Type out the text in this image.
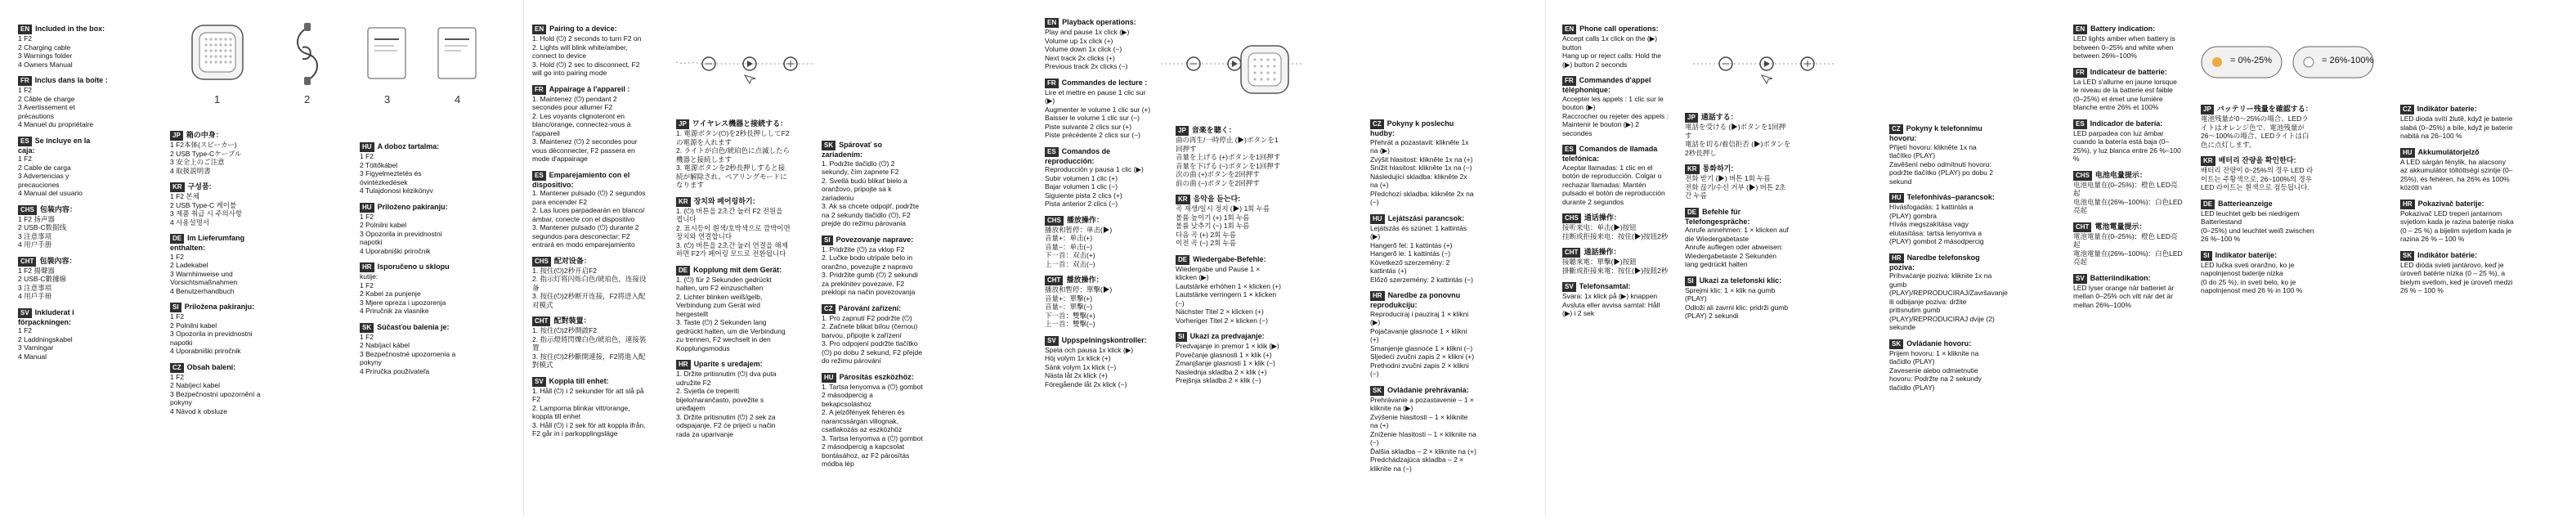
EN Included in the box:
1 F2
2 Charging cable
3 Warnings folder
4 Owners Manual
FR Inclus dans la boîte :
1 F2
2 Câble de charge
3 Avertissement et précautions
4 Manuel du propriétaire
ES Se incluye en la caja:
1 F2
2 Cable de carga
3 Advertencias y precauciones
4 Manual del usuario
CHS 包装内容：
1 F2 扬声器
2 USB-C数据线
3 注意事项
4 用户手册
CHT 包裝內容：
1 F2 揚聲器
2 USB-C數據線
3 注意事項
4 用戶手冊
SV Inkluderat i förpackningen:
1 F2
2 Laddningskabel
3 Varningar
4 Manual
1	2	3	4
JP 箱の中身：
1 F2本体(スピーカー)
2 USB Type-Cケーブル
3 安全上のご注意
4 取扱説明書
KR 구성품:
1 F2 본체
2 USB Type-C 케이블
3 제품 취급 시 주의사항
4 사용설명서
DE Im Lieferumfang enthalten:
1 F2
2 Ladekabel
3 Warnhinweise und Vorsichtsmaßnahmen
4 Benutzerhandbuch
SI Priložena pakiranju:
1 F2
2 Polnilni kabel
3 Opozorila in previdnostni napotki
4 Uporabniški priročnik
CZ Obsah balení:
1 F2
2 Nabíjecí kabel
3 Bezpečnostní upozornění a pokyny
4 Návod k obsluze
HU A doboz tartalma:
1 F2
2 Töltőkábel
3 Figyelmeztetés és óvintézkedések
4 Tulajdonosi kézikönyv
HU Priloženo pakiranju:
1 F2
2 Polnilni kabel
3 Opozorila in previdnostni napotki
4 Uporabniški priročnik
HR Isporučeno u sklopu
kutije:
1 F2
2 Kabel za punjenje
3 Mjere opreza i upozorenja
4 Priručnik za vlasnike
SK Súčasťou balenia je:
1 F2
2 Nabíjací kábel
3 Bezpečnostné upozornenia a pokyny
4 Príručka používateľa
EN Pairing to a device:
1. Hold (⏻) 2 seconds to turn F2 on
2. Lights will blink white/amber, connect to device
3. Hold (⏻) 2 sec to disconnect, F2 will go into pairing mode
FR Appairage à l'appareil :
1. Maintenez (⏻) pendant 2 secondes pour allumer F2
2. Les voyants clignoteront en blanc/orange, connectez-vous à l'appareil
3. Maintenez (⏻) 2 secondes pour vous déconnecter, F2 passera en mode d'appairage
ES Emparejamiento con el dispositivo:
1. Mantener pulsado (⏻) 2 segundos para encender F2
2. Las luces parpadearán en blanco/ámbar, conecte con el dispositivo
3. Mantener pulsado (⏻) durante 2 segundos para desconectar; F2 entrará en modo emparejamiento
CHS 配对设备：
1. 按住(⏻)2秒开启F2
2. 指示灯将闪烁白色/琥珀色，连接设备
3. 按住(⏻)2秒断开连接，F2将进入配对模式
CHT 配對裝置：
1. 按住(⏻)2秒開啟F2
2. 指示燈將閃爍白色/琥珀色，連接裝置
3. 按住(⏻)2秒斷開連接，F2將進入配對模式
SV Koppla till enhet:
1. Håll (⏻) i 2 sekunder för att slå på F2
2. Lamporna blinkar vitt/orange, koppla till enhet
3. Håll (⏻) i 2 sek för att koppla ifrån, F2 går in i parkopplingsläge
JP ワイヤレス機器と接続する：
1. 電源ボタン(⏻)を2秒長押ししてF2の電源を入れます
2. ライトが白色/琥珀色に点滅したら機器と接続します
3. 電源ボタンを2秒長押しすると接続が解除され、ペアリングモードになります
KR 장치와 페어링하기:
1. (⏻) 버튼을 2초간 눌러 F2 전원을 켭니다
2. 표시등이 흰색/호박색으로 깜박이면 장치와 연결합니다
3. (⏻) 버튼을 2초간 눌러 연결을 해제하면 F2가 페어링 모드로 전환됩니다
DE Kopplung mit dem Gerät:
1. (⏻) für 2 Sekunden gedrückt halten, um F2 einzuschalten
2. Lichter blinken weiß/gelb, Verbindung zum Gerät wird hergestellt
3. Taste (⏻) 2 Sekunden lang gedrückt halten, um die Verbindung zu trennen, F2 wechselt in den Kopplungsmodus
HR Uparite s uređajem:
1. Držite pritisnutim (⏻) dva puta udružite F2
2. Svjetla će treperiti bijelo/narančasto, povežite s uređajem
3. Držite pritisnutim (⏻) 2 sek za odspajanje, F2 će prijeći u način rada za uparivanje
EN Playback operations:
Play and pause 1x click (▶)
Volume up 1x click (+)
Volume down 1x click (−)
Next track 2x clicks (+)
Previous track 2x clicks (−)
FR Commandes de lecture :
Lire et mettre en pause 1 clic sur (▶)
Augmenter le volume 1 clic sur (+)
Baisser le volume 1 clic sur (−)
Piste suivante 2 clics sur (+)
Piste précédente 2 clics sur (−)
ES Comandos de reproducción:
Reproducción y pausa 1 clic (▶)
Subir volumen 1 clic (+)
Bajar volumen 1 clic (−)
Siguiente pista 2 clics (+)
Pista anterior 2 clics (−)
CHS 播放操作：
播放和暂停：单击(▶)
音量+：单击(+)
音量−：单击(−)
下一首：双击(+)
上一首：双击(−)
CHT 播放操作：
播放和暫停：單擊(▶)
音量+：單擊(+)
音量−：單擊(−)
下一首：雙擊(+)
上一首：雙擊(−)
SV Uppspelningskontroller:
Spela och pausa 1x klick (▶)
Höj volym 1x klick (+)
Sänk volym 1x klick (−)
Nästa låt 2x klick (+)
Föregående låt 2x klick (−)
SK Spárovať so zariadením:
1. Podržte tlačidlo (⏻) 2 sekundy, čím zapnete F2
2. Svetlá budú blikať bielo a oranžovo, pripojte sa k zariadeniu
3. Ak sa chcete odpojiť, podržte na 2 sekundy tlačidlo (⏻), F2 prejde do režimu párovania
SI Povezovanje naprave:
1. Pridržite (⏻) za vklop F2
2. Lučke bodo utripale belo in oranžno, povezujte z napravo
3. Pridržite gumb (⏻) 2 sekundi za prekinitev povezave, F2 preklopi na način povezovanja
CZ Párování zařízení:
1. Pro zapnutí F2 podržte (⏻)
2. Začnete blikat bílou (černou) barvou, připojte k zařízení
3. Pro odpojení podržte tlačítko (⏻) po dobu 2 sekund, F2 přejde do režimu párování
HU Párosítás eszközhöz:
1. Tartsa lenyomva a (⏻) gombot 2 másodpercig a bekapcsoláshoz
2. A jelzőfények fehéren és narancssárgán villognak, csatlakozás az eszközhöz
3. Tartsa lenyomva a (⏻) gombot 2 másodpercig a kapcsolat bontásához, az F2 párosítás módba lép
JP 音楽を聴く：
曲の再生/一時停止 (▶)ボタンを1回押す
音量を上げる (+)ボタンを1回押す
音量を下げる (−)ボタンを1回押す
次の曲 (+)ボタンを2回押す
前の曲 (−)ボタンを2回押す
KR 음악을 듣는다:
곡 재생/일시 정지 (▶) 1회 누름
볼륨 높이기 (+) 1회 누름
볼륨 낮추기 (−) 1회 누름
다음 곡 (+) 2회 누름
이전 곡 (−) 2회 누름
DE Wiedergabe-Befehle:
Wiedergabe und Pause 1 × klicken (▶)
Lautstärke erhöhen 1 × klicken (+)
Lautstärke verringern 1 × klicken (−)
Nächster Titel 2 × klicken (+)
Vorheriger Titel 2 × klicken (−)
SI Ukazi za predvajanje:
Predvajanje in premor 1 × klik (▶)
Povečanje glasnosti 1 × klik (+)
Zmanjšanje glasnosti 1 × klik (−)
Naslednja skladba 2 × klik (+)
Prejšnja skladba 2 × klik (−)
CZ Pokyny k poslechu hudby:
Přehrát a pozastavit: klikněte 1x na (▶)
Zvýšit hlasitost: klikněte 1x na (+)
Snížit hlasitost: klikněte 1x na (−)
Následující skladba: klikněte 2x na (+)
Předchozí skladba: klikněte 2x na (−)
HU Lejátszási parancsok:
Lejátszás és szünet: 1 kattintás (▶)
Hangerő fel: 1 kattintás (+)
Hangerő le: 1 kattintás (−)
Következő szerzemény: 2 kattintás (+)
Előző szerzemény: 2 kattintás (−)
HR Naredbe za ponovnu reprodukciju:
Reproduciraj i pauziraj 1 × klikni (▶)
Pojačavanje glasnoće 1 × klikni (+)
Smanjenje glasnoće 1 × klikni (−)
Sljedeći zvučni zapis 2 × klikni (+)
Prethodni zvučni zapis 2 × klikni (−)
SK Ovládanie prehrávania:
Prehrávanie a pozastavenie – 1 × kliknite na (▶)
Zvýšenie hlasitosti – 1 × kliknite na (+)
Zníženie hlasitosti – 1 × kliknite na (−)
Ďalšia skladba – 2 × kliknite na (+)
Predchádzajúca skladba – 2 × kliknite na (−)
EN Phone call operations:
Accept calls 1x click on the (▶) button
Hang up or reject calls: Hold the (▶) button 2 seconds
FR Commandes d'appel téléphonique:
Accepter les appels : 1 clic sur le bouton (▶)
Raccrocher ou rejeter des appels : Maintenir le bouton (▶) 2 secondes
ES Comandos de llamada telefónica:
Aceptar llamadas: 1 clic en el botón de reproducción. Colgar o rechazar llamadas: Mantén pulsado el botón de reproducción durante 2 segundos
CHS 通话操作：
接听来电：单击(▶)按钮
挂断或拒接来电：按住(▶)按钮2秒
CHT 通話操作：
接聽來電：單擊(▶)按鈕
掛斷或拒接來電：按住(▶)按鈕2秒
SV Telefonsamtal:
Svara: 1x klick på (▶) knappen
Avsluta eller avvisa samtal: Håll (▶) i 2 sek
JP 通話する：
電話を受ける (▶)ボタンを1回押す
電話を切る/着信拒否 (▶)ボタンを2秒長押し
KR 통화하기:
전화 받기 (▶) 버튼 1회 누름
전화 끊기/수신 거부 (▶) 버튼 2초간 누름
DE Befehle für Telefongespräche:
Anrufe annehmen: 1 × klicken auf die Wiedergabetaste
Anrufe auflegen oder abweisen: Wiedergabetaste 2 Sekunden lang gedrückt halten
SI Ukazi za telefonski klic:
Sprejmi klic: 1 × klik na gumb (PLAY)
Odloži ali zavrni klic: pridrži gumb (PLAY) 2 sekundi
CZ Pokyny k telefonnímu hovoru:
Přijetí hovoru: klikněte 1x na tlačítko (PLAY)
Zavěšení nebo odmítnutí hovoru: podržte tlačítko (PLAY) po dobu 2 sekund
HU Telefonhívás–parancsok:
Hívásfogadás: 1 kattintás a (PLAY) gombra
Hívás megszakítása vagy elutasítása: tartsa lenyomva a (PLAY) gombot 2 másodpercig
HR Naredbe telefonskog poziva:
Prihvaćanje poziva: kliknite 1x na gumb (PLAY)/REPRODUCIRAJ/Završavanje ili odbijanje poziva: držite pritisnutim gumb (PLAY)/REPRODUCIRAJ dvije (2) sekunde
SK Ovládanie hovoru:
Prijem hovoru: 1 × kliknite na tlačidlo (PLAY)
Zavesenie alebo odmietnutie hovoru: Podržte na 2 sekundy tlačidlo (PLAY)
EN Battery indication:
LED lights amber when battery is between 0–25% and white when between 26%–100%
FR Indicateur de batterie:
La LED s'allume en jaune lorsque le niveau de la batterie est faible
(0–25%) et émet une lumière blanche entre 26% et 100%
ES Indicador de batería:
LED parpadea con luz ámbar cuando la batería está baja (0–25%), y luz blanca entre 26 %–100 %
CHS 电池电量提示：
电池电量在(0–25%)：橙色 LED亮起
电池电量在(26%–100%)：白色LED亮起
CHT 電池電量提示：
電池電量在(0–25%)：橙色 LED亮起
電池電量在(26%–100%)：白色LED亮起
SV Batteriindikation:
LED lyser orange när batteriet är mellan 0–25% och vitt när det är mellan 26%–100%
= 0%-25%	= 26%-100%
JP バッテリー残量を確認する：
電池残量が0〜25%の場合、LEDライトはオレンジ色で、電池残量が26〜100%の場合、LEDライトは白色に点灯します。
KR 배터리 잔량을 확인한다:
배터리 잔량이 0~25%의 경우 LED 라이트는 주황색으로, 26~100%의 경우 LED 라이트는 흰색으로 점등됩니다.
DE Batterieanzeige
LED leuchtet gelb bei niedrigem Batteriestand
(0–25%) und leuchtet weiß zwischen 26 %–100 %
SI Indikator baterije:
LED lučka sveti oranžno, ko je napolnjenost baterije nizka
(0 do 25 %), in sveti belo, ko je napolnjenost med 26 % in 100 %
CZ Indikátor baterie:
LED dioda svítí žlutě, když je baterie slabá (0–25%) a bíle, když je baterie nabitá na 26–100 %
HU Akkumulátorjelző
A LED sárgán fénylik, ha alacsony az akkumulátor töltöttségi szintje (0–25%), és fehéren, ha 26% és 100% között van
HR Pokazivač baterije:
Pokazivač LED treperi jantarnom svjetlom kada je razina baterije niska (0 – 25 %) a bijelim svjetlom kada je razina 26 % – 100 %
SK Indikátor batérie:
LED dióda svieti jantárovo, keď je úroveň batérie nízka (0 – 25 %), a bielym svetlom, keď je úroveň medzi 26 % – 100 %
